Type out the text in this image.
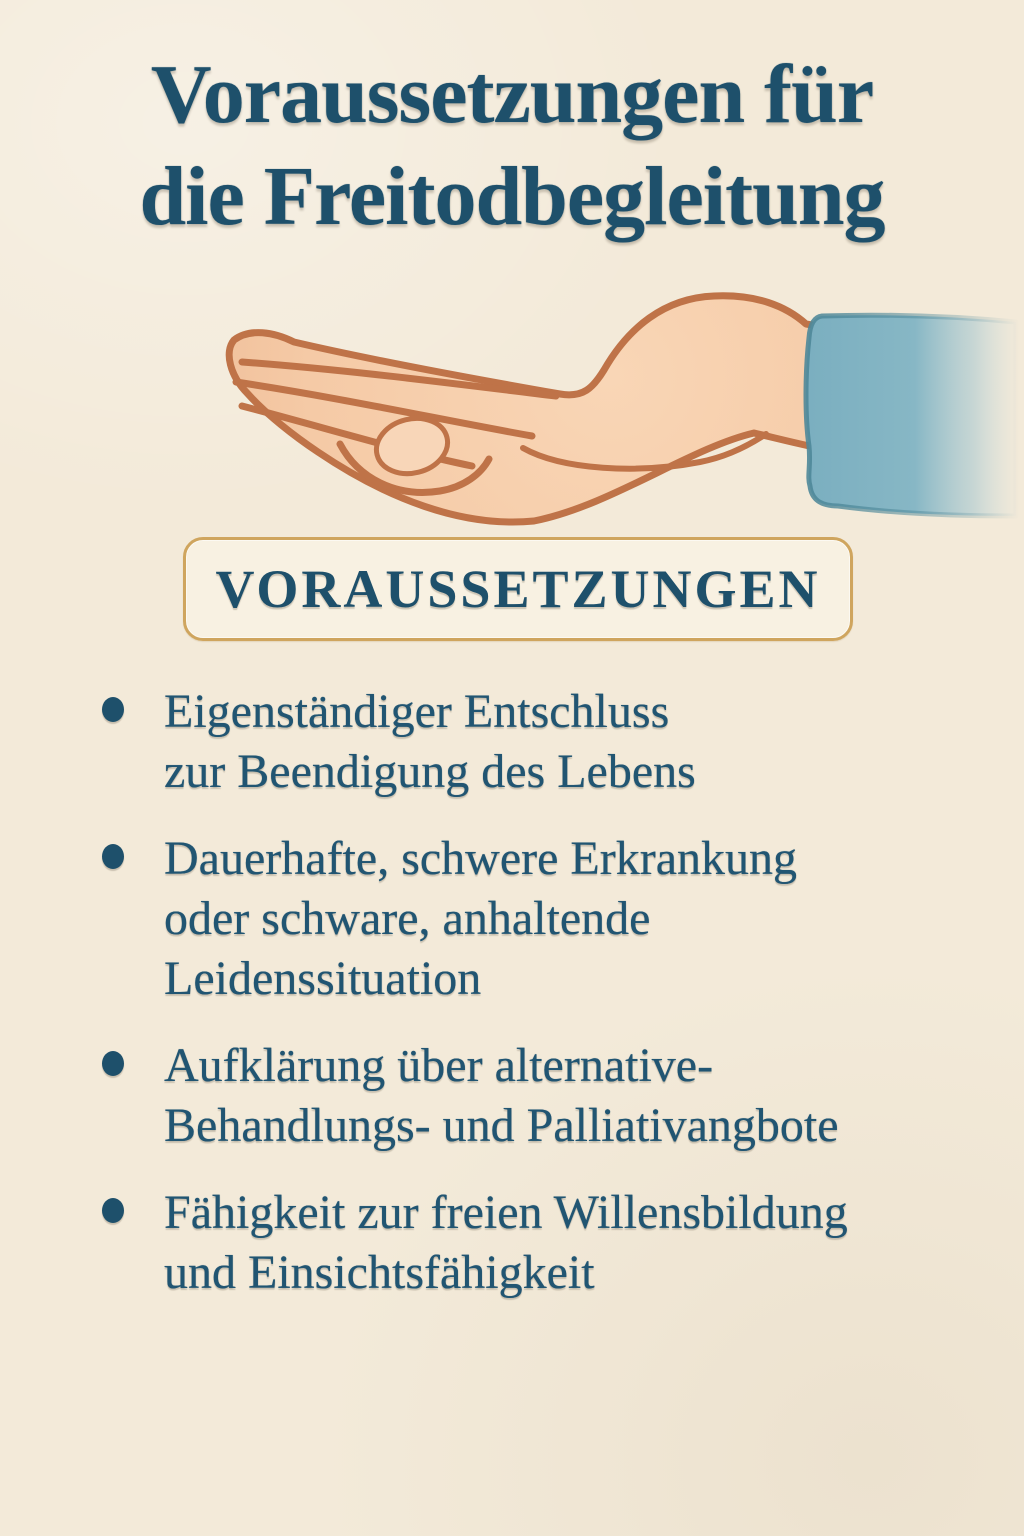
Voraussetzungen für
die Freitodbegleitung
VORAUSSETZUNGEN
Eigenständiger Entschluss
zur Beendigung des Lebens
Dauerhafte, schwere Erkrankung
oder schware, anhaltende
Leidenssituation
Aufklärung über alternative-
Behandlungs- und Palliativangbote
Fähigkeit zur freien Willensbildung
und Einsichtsfähigkeit
